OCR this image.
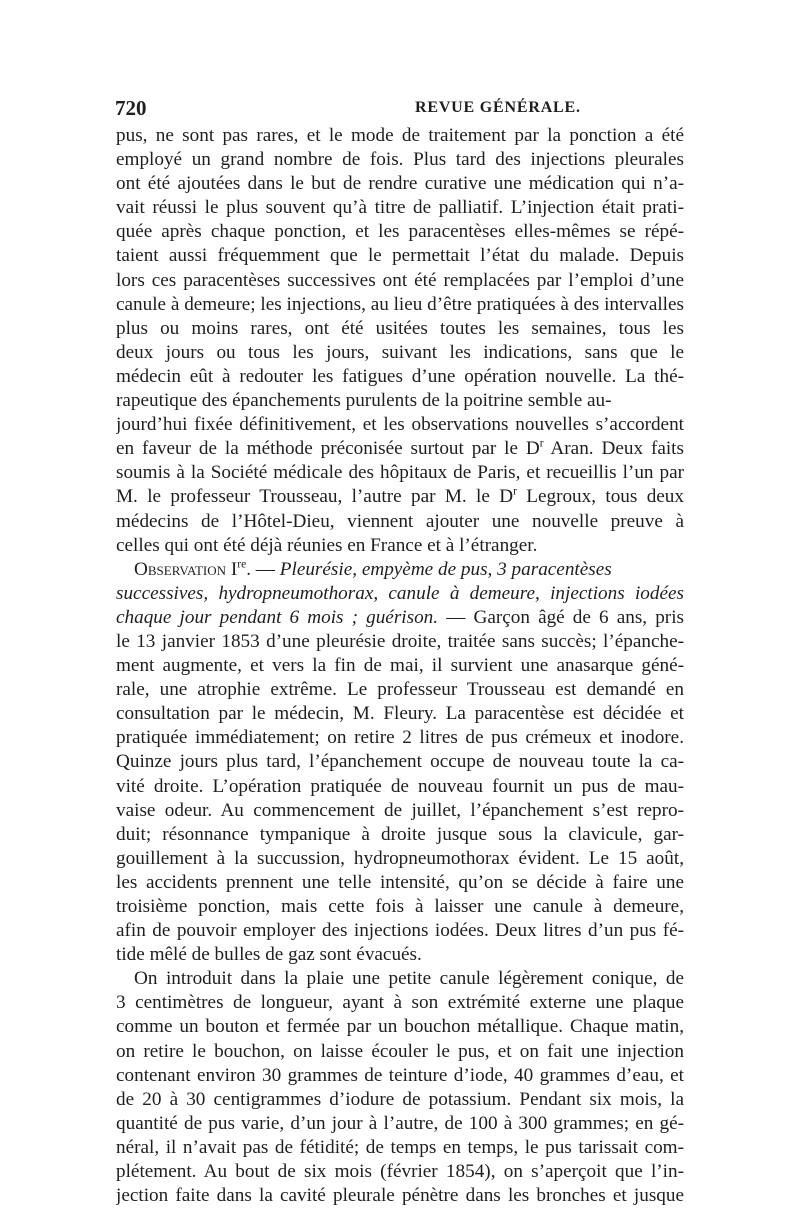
720	REVUE GÉNÉRALE.
pus, ne sont pas rares, et le mode de traitement par la ponction a été
employé un grand nombre de fois. Plus tard des injections pleurales
ont été ajoutées dans le but de rendre curative une médication qui n’a-
vait réussi le plus souvent qu’à titre de palliatif. L’injection était prati-
quée après chaque ponction, et les paracentèses elles-mêmes se répé-
taient aussi fréquemment que le permettait l’état du malade. Depuis
lors ces paracentèses successives ont été remplacées par l’emploi d’une
canule à demeure; les injections, au lieu d’être pratiquées à des intervalles
plus ou moins rares, ont été usitées toutes les semaines, tous les
deux jours ou tous les jours, suivant les indications, sans que le
médecin eût à redouter les fatigues d’une opération nouvelle. La thé-
rapeutique des épanchements purulents de la poitrine semble au-
jourd’hui fixée définitivement, et les observations nouvelles s’accordent
en faveur de la méthode préconisée surtout par le $D^r$ Aran. Deux faits
soumis à la Société médicale des hôpitaux de Paris, et recueillis l’un par
M. le professeur Trousseau, l’autre par M. le $D^r$ Legroux, tous deux
médecins de l’Hôtel-Dieu, viennent ajouter une nouvelle preuve à
celles qui ont été déjà réunies en France et à l’étranger.
Observation Ire. — Pleurésie, empyème de pus, 3 paracentèses
successives, hydropneumothorax, canule à demeure, injections iodées
chaque jour pendant 6 mois ; guérison. — Garçon âgé de 6 ans, pris
le 13 janvier 1853 d’une pleurésie droite, traitée sans succès; l’épanche-
ment augmente, et vers la fin de mai, il survient une anasarque géné-
rale, une atrophie extrême. Le professeur Trousseau est demandé en
consultation par le médecin, M. Fleury. La paracentèse est décidée et
pratiquée immédiatement; on retire 2 litres de pus crémeux et inodore.
Quinze jours plus tard, l’épanchement occupe de nouveau toute la ca-
vité droite. L’opération pratiquée de nouveau fournit un pus de mau-
vaise odeur. Au commencement de juillet, l’épanchement s’est repro-
duit; résonnance tympanique à droite jusque sous la clavicule, gar-
gouillement à la succussion, hydropneumothorax évident. Le 15 août,
les accidents prennent une telle intensité, qu’on se décide à faire une
troisième ponction, mais cette fois à laisser une canule à demeure,
afin de pouvoir employer des injections iodées. Deux litres d’un pus fé-
tide mêlé de bulles de gaz sont évacués.
On introduit dans la plaie une petite canule légèrement conique, de
3 centimètres de longueur, ayant à son extrémité externe une plaque
comme un bouton et fermée par un bouchon métallique. Chaque matin,
on retire le bouchon, on laisse écouler le pus, et on fait une injection
contenant environ 30 grammes de teinture d’iode, 40 grammes d’eau, et
de 20 à 30 centigrammes d’iodure de potassium. Pendant six mois, la
quantité de pus varie, d’un jour à l’autre, de 100 à 300 grammes; en gé-
néral, il n’avait pas de fétidité; de temps en temps, le pus tarissait com-
plétement. Au bout de six mois (février 1854), on s’aperçoit que l’in-
jection faite dans la cavité pleurale pénètre dans les bronches et jusque
